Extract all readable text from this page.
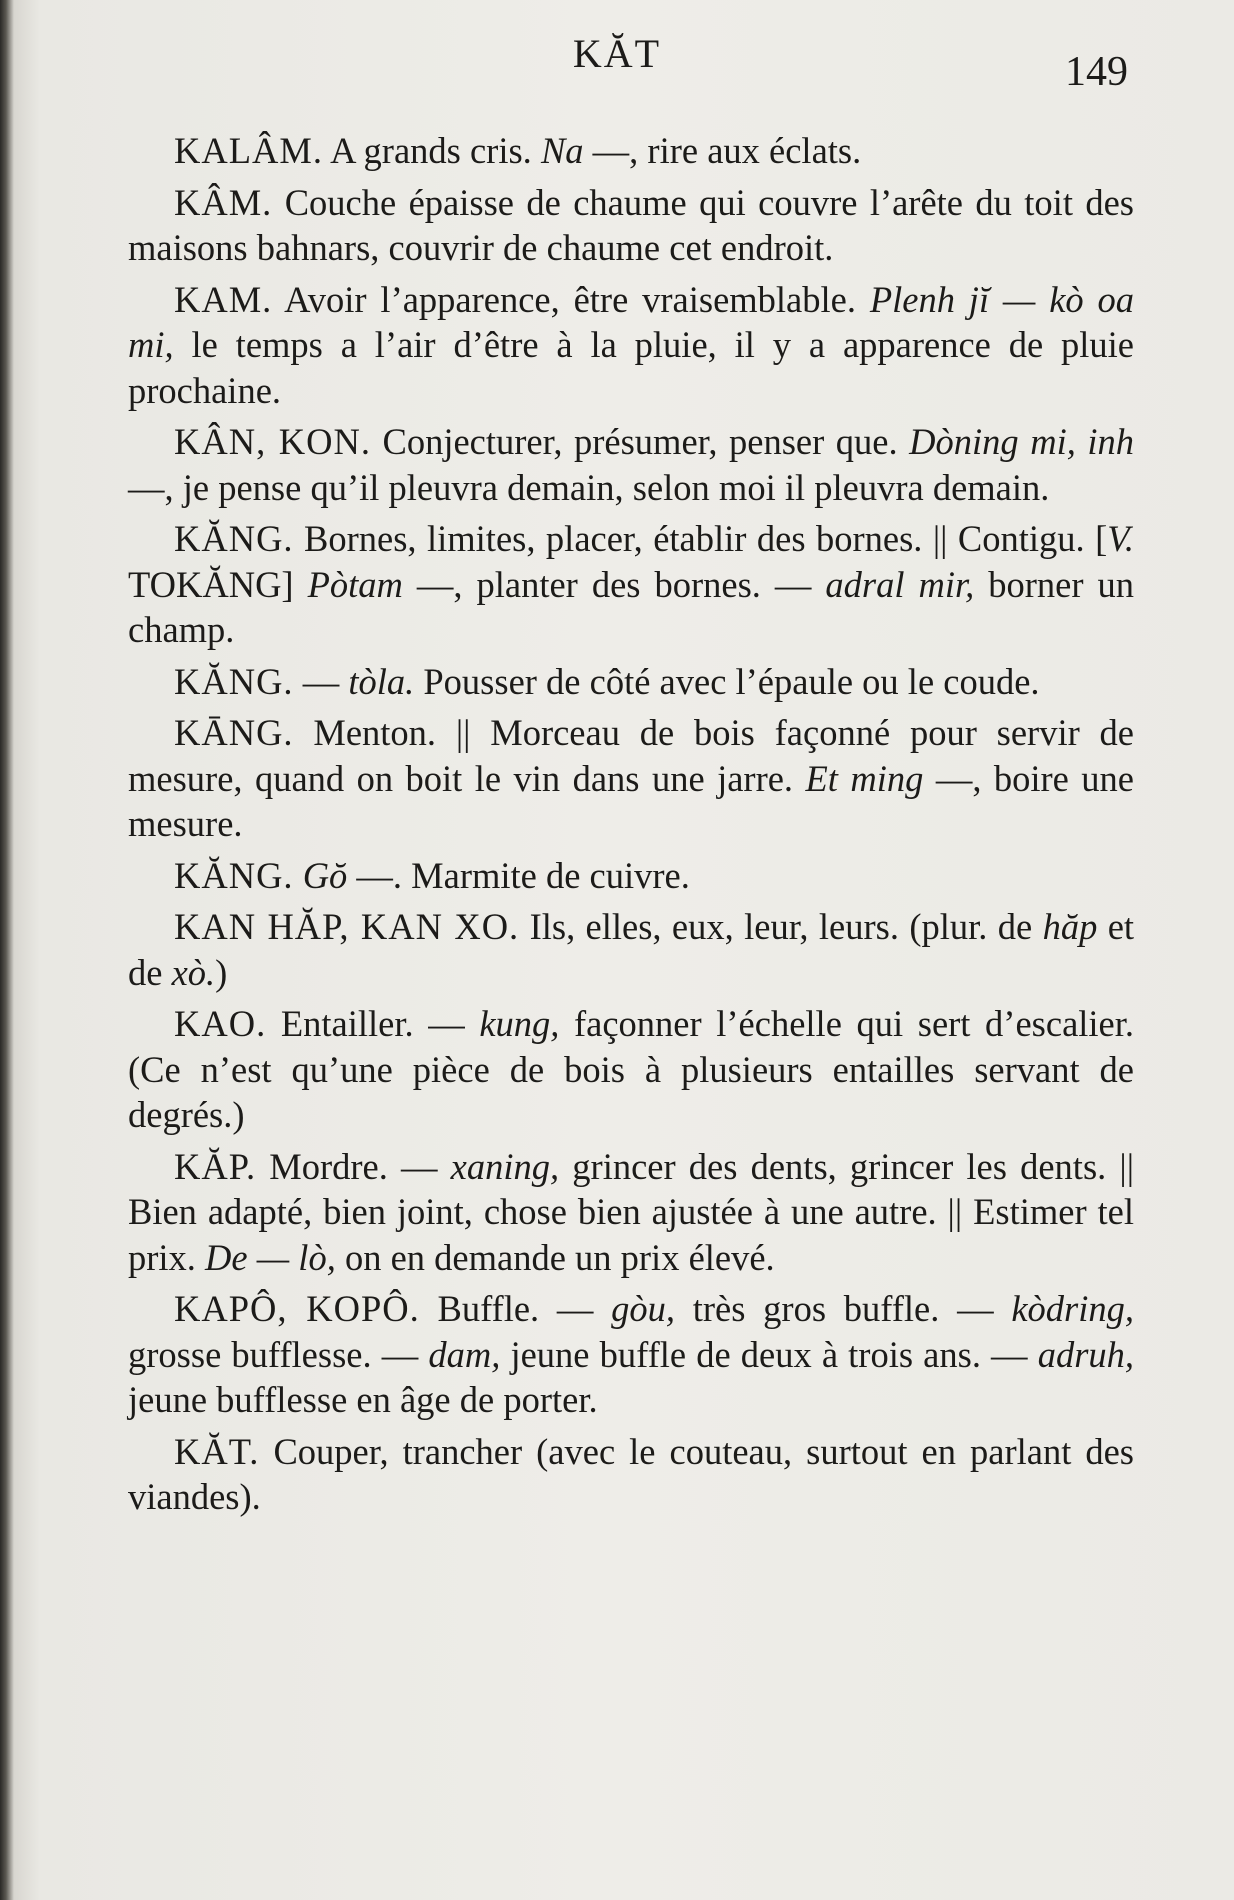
KĂT	149

KALÂM. A grands cris. Na —, rire aux éclats.

KÂM. Couche épaisse de chaume qui couvre l’arête du toit des maisons bahnars, couvrir de chaume cet endroit.

KAM. Avoir l’apparence, être vraisemblable. Plenh jĭ — kò oa mi, le temps a l’air d’être à la pluie, il y a apparence de pluie prochaine.

KÂN, KON. Conjecturer, présumer, penser que. Dòning mi, inh —, je pense qu’il pleuvra demain, selon moi il pleuvra demain.

KĂNG. Bornes, limites, placer, établir des bornes. || Contigu. [V. TOKĂNG] Pòtam —, planter des bornes. — adral mir, borner un champ.

KĂNG. — tòla. Pousser de côté avec l’épaule ou le coude.

KĀNG. Menton. || Morceau de bois façonné pour servir de mesure, quand on boit le vin dans une jarre. Et ming —, boire une mesure.

KĂNG. Gŏ —. Marmite de cuivre.

KAN HĂP, KAN XO. Ils, elles, eux, leur, leurs. (plur. de hăp et de xò.)

KAO. Entailler. — kung, façonner l’échelle qui sert d’escalier. (Ce n’est qu’une pièce de bois à plusieurs entailles servant de degrés.)

KĂP. Mordre. — xaning, grincer des dents, grincer les dents. || Bien adapté, bien joint, chose bien ajustée à une autre. || Estimer tel prix. De — lò, on en demande un prix élevé.

KAPÔ, KOPÔ. Buffle. — gòu, très gros buffle. — kòdring, grosse bufflesse. — dam, jeune buffle de deux à trois ans. — adruh, jeune bufflesse en âge de porter.

KĂT. Couper, trancher (avec le couteau, surtout en parlant des viandes).
